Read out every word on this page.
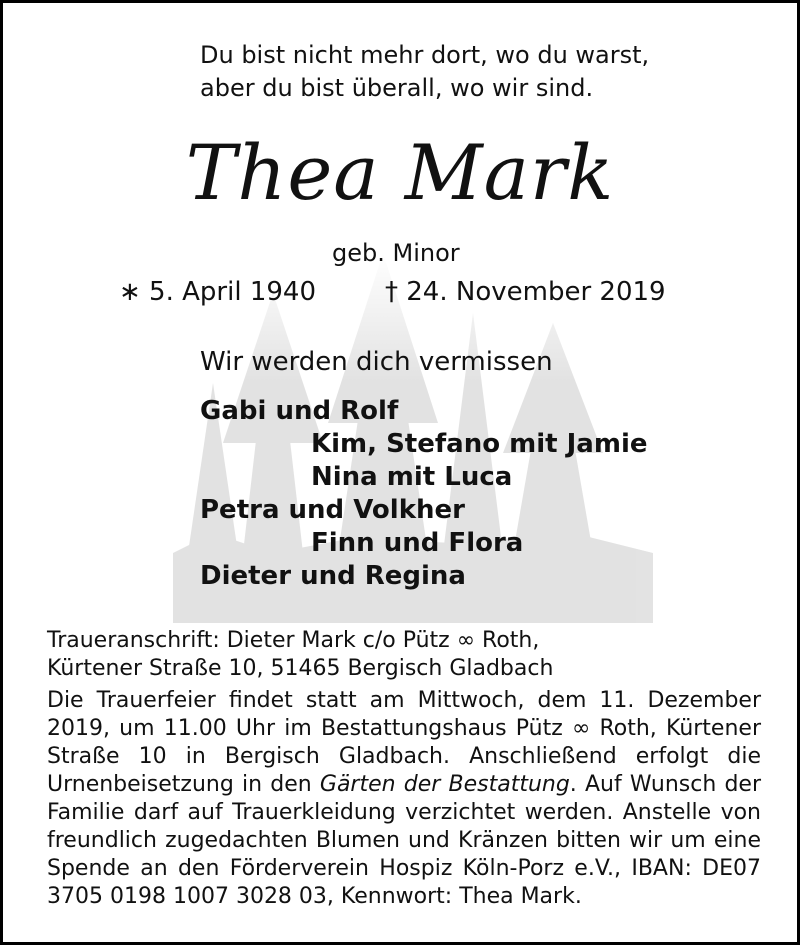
Du bist nicht mehr dort, wo du warst,
aber du bist überall, wo wir sind.
Thea Mark
geb. Minor
∗ 5. April 1940	† 24. November 2019
Wir werden dich vermissen
Gabi und Rolf
Kim, Stefano mit Jamie
Nina mit Luca
Petra und Volkher
Finn und Flora
Dieter und Regina
Traueranschrift: Dieter Mark c/o Pütz ∞ Roth,
Kürtener Straße 10, 51465 Bergisch Gladbach
Die Trauerfeier findet statt am Mittwoch, dem 11. Dezember 2019, um 11.00 Uhr im Bestattungshaus Pütz ∞ Roth, Kürtener Straße 10 in Bergisch Gladbach. Anschließend erfolgt die Urnenbeisetzung in den Gärten der Bestattung. Auf Wunsch der Familie darf auf Trauerkleidung verzichtet werden. Anstelle von freundlich zugedachten Blumen und Kränzen bitten wir um eine Spende an den Förderverein Hospiz Köln-Porz e.V., IBAN: DE07 3705 0198 1007 3028 03, Kennwort: Thea Mark.
